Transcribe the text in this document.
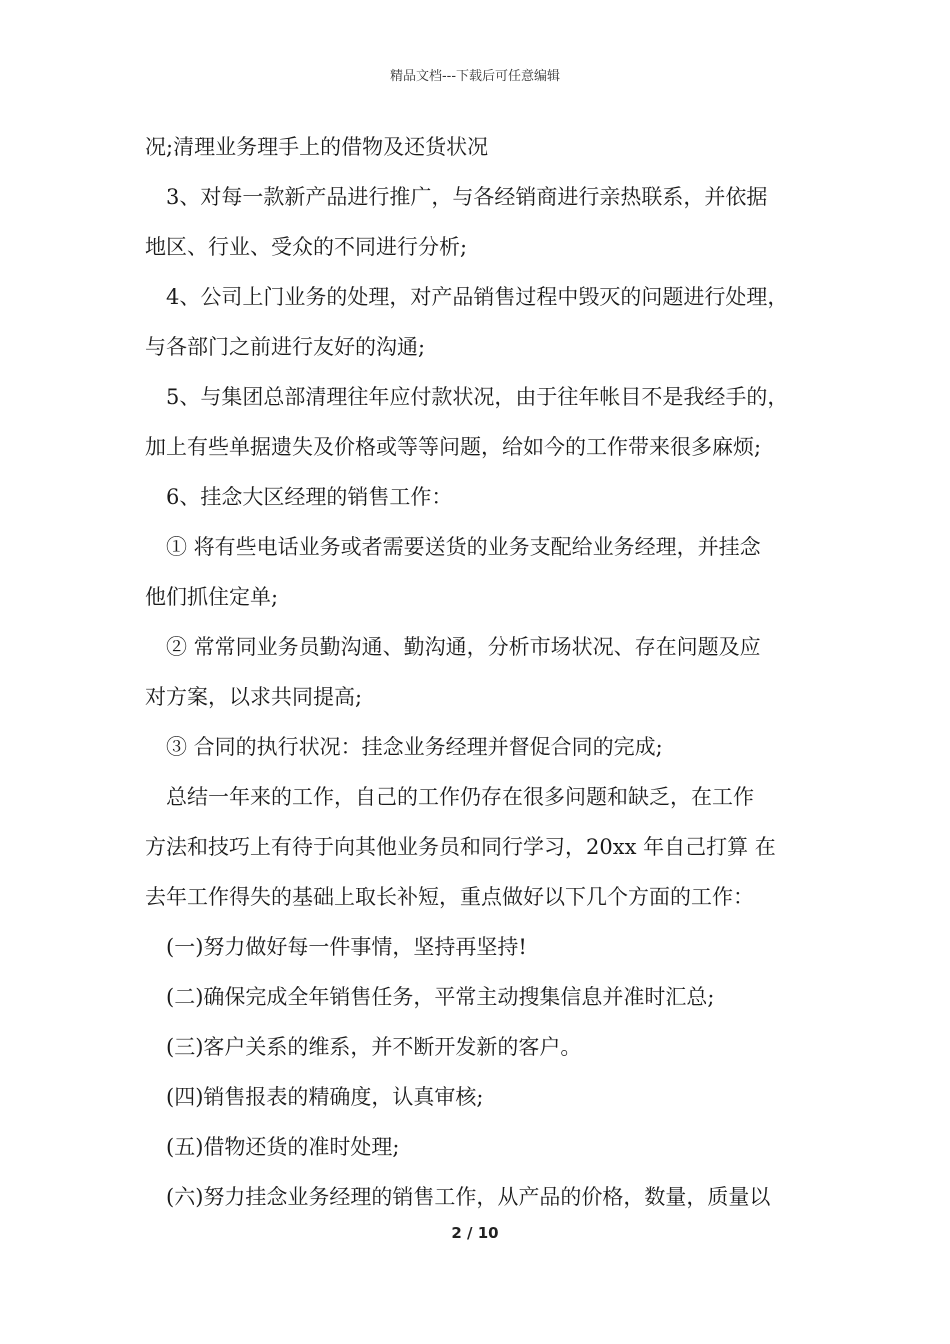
精品文档---下载后可任意编辑
况;清理业务理手上的借物及还货状况
3、对每一款新产品进行推广，与各经销商进行亲热联系，并依据
地区、行业、受众的不同进行分析;
4、公司上门业务的处理，对产品销售过程中毁灭的问题进行处理，
与各部门之前进行友好的沟通;
5、与集团总部清理往年应付款状况，由于往年帐目不是我经手的，
加上有些单据遗失及价格或等等问题，给如今的工作带来很多麻烦;
6、挂念大区经理的销售工作：
① 将有些电话业务或者需要送货的业务支配给业务经理，并挂念
他们抓住定单;
② 常常同业务员勤沟通、勤沟通，分析市场状况、存在问题及应
对方案，以求共同提高;
③ 合同的执行状况：挂念业务经理并督促合同的完成;
总结一年来的工作，自己的工作仍存在很多问题和缺乏，在工作
方法和技巧上有待于向其他业务员和同行学习，20xx 年自己打算 在
去年工作得失的基础上取长补短，重点做好以下几个方面的工作：
(一)努力做好每一件事情，坚持再坚持!
(二)确保完成全年销售任务，平常主动搜集信息并准时汇总;
(三)客户关系的维系，并不断开发新的客户。
(四)销售报表的精确度，认真审核;
(五)借物还货的准时处理;
(六)努力挂念业务经理的销售工作，从产品的价格，数量，质量以
2 / 10
